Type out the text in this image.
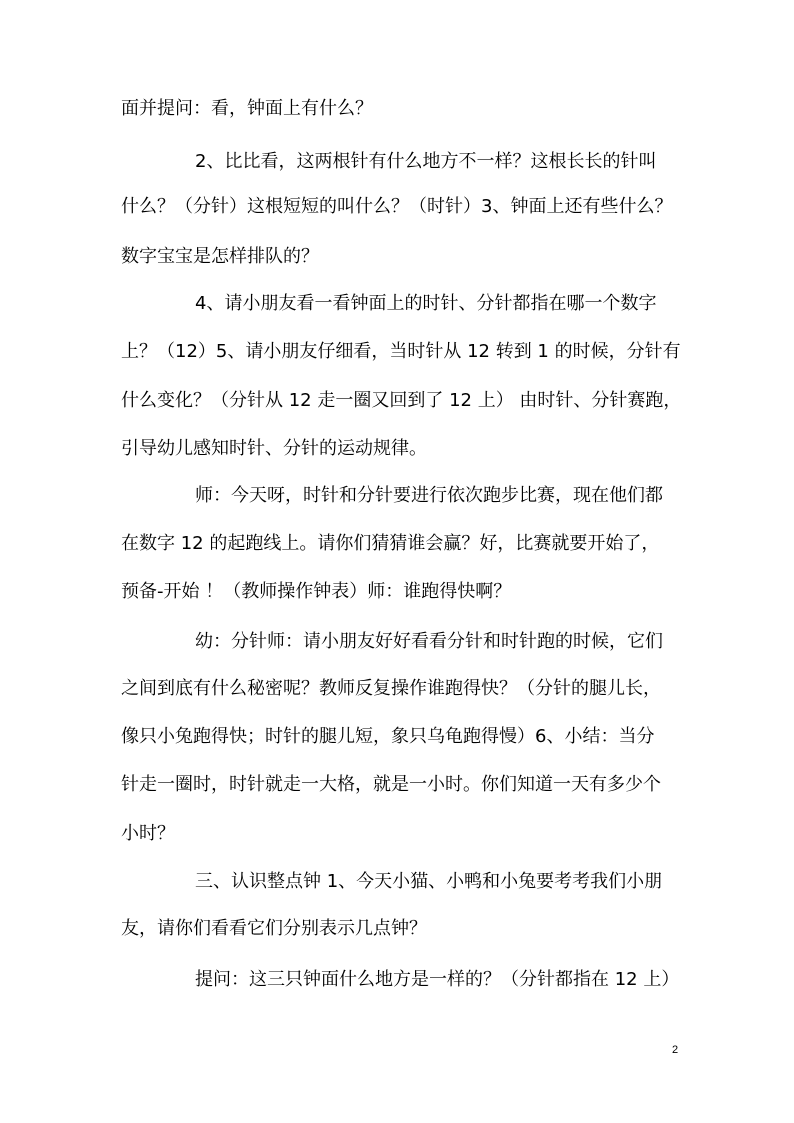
面并提问：看，钟面上有什么？
2、比比看，这两根针有什么地方不一样？这根长长的针叫
什么？（分针）这根短短的叫什么？（时针）3、钟面上还有些什么？
数字宝宝是怎样排队的？
4、请小朋友看一看钟面上的时针、分针都指在哪一个数字
上？（12）5、请小朋友仔细看，当时针从 12 转到 1 的时候，分针有
什么变化？（分针从 12 走一圈又回到了 12 上） 由时针、分针赛跑，
引导幼儿感知时针、分针的运动规律。
师：今天呀，时针和分针要进行依次跑步比赛，现在他们都
在数字 12 的起跑线上。请你们猜猜谁会赢？好，比赛就要开始了，
预备-开始 ！（教师操作钟表）师：谁跑得快啊？
幼：分针师：请小朋友好好看看分针和时针跑的时候，它们
之间到底有什么秘密呢？教师反复操作谁跑得快？（分针的腿儿长，
像只小兔跑得快；时针的腿儿短，象只乌龟跑得慢）6、小结：当分
针走一圈时，时针就走一大格，就是一小时。你们知道一天有多少个
小时？
三、认识整点钟 1、今天小猫、小鸭和小兔要考考我们小朋
友，请你们看看它们分别表示几点钟？
提问：这三只钟面什么地方是一样的？（分针都指在 12 上）
2
